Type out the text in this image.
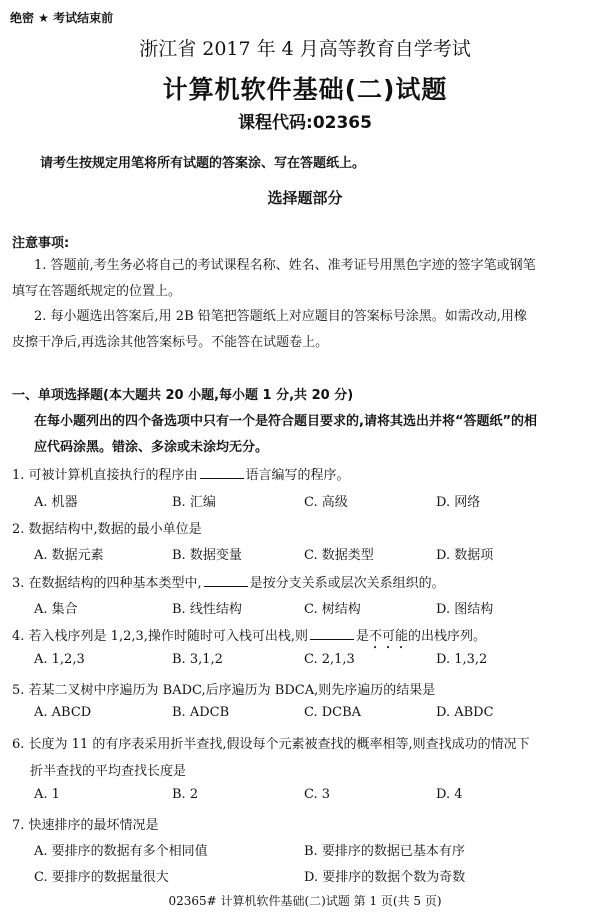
绝密 ★ 考试结束前
浙江省 2017 年 4 月高等教育自学考试
计算机软件基础(二)试题
课程代码:02365
请考生按规定用笔将所有试题的答案涂、写在答题纸上。
选择题部分
注意事项:
1. 答题前,考生务必将自己的考试课程名称、姓名、准考证号用黑色字迹的签字笔或钢笔
填写在答题纸规定的位置上。
2. 每小题选出答案后,用 2B 铅笔把答题纸上对应题目的答案标号涂黑。如需改动,用橡
皮擦干净后,再选涂其他答案标号。不能答在试题卷上。
一、单项选择题(本大题共 20 小题,每小题 1 分,共 20 分)
在每小题列出的四个备选项中只有一个是符合题目要求的,请将其选出并将“答题纸”的相
应代码涂黑。错涂、多涂或未涂均无分。
1. 可被计算机直接执行的程序由	语言编写的程序。
A. 机器	B. 汇编	C. 高级	D. 网络
2. 数据结构中,数据的最小单位是
A. 数据元素	B. 数据变量	C. 数据类型	D. 数据项
3. 在数据结构的四种基本类型中,	是按分支关系或层次关系组织的。
A. 集合	B. 线性结构	C. 树结构	D. 图结构
4. 若入栈序列是 1,2,3,操作时随时可入栈可出栈,则	是不可能的出栈序列。
A. 1,2,3	B. 3,1,2	C. 2,1,3	D. 1,3,2
5. 若某二叉树中序遍历为 BADC,后序遍历为 BDCA,则先序遍历的结果是
A. ABCD	B. ADCB	C. DCBA	D. ABDC
6. 长度为 11 的有序表采用折半查找,假设每个元素被查找的概率相等,则查找成功的情况下
折半查找的平均查找长度是
A. 1	B. 2	C. 3	D. 4
7. 快速排序的最坏情况是
A. 要排序的数据有多个相同值	B. 要排序的数据已基本有序
C. 要排序的数据量很大	D. 要排序的数据个数为奇数
02365# 计算机软件基础(二)试题 第 1 页(共 5 页)
